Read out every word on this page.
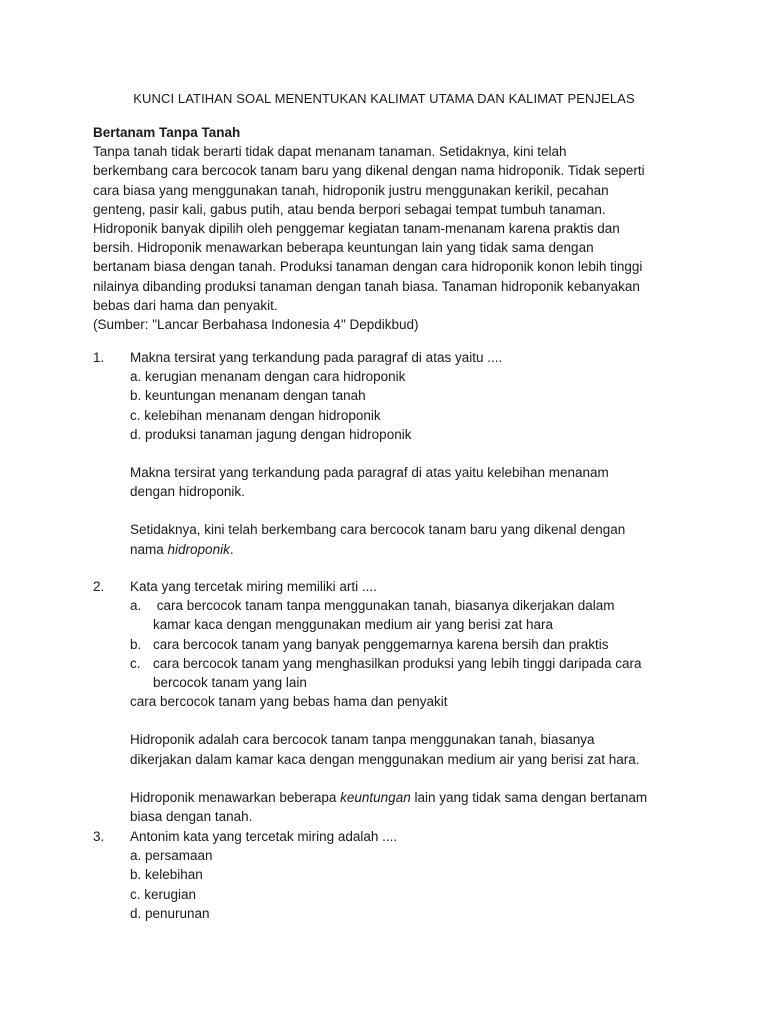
KUNCI LATIHAN SOAL MENENTUKAN KALIMAT UTAMA DAN KALIMAT PENJELAS

Bertanam Tanpa Tanah

Tanpa tanah tidak berarti tidak dapat menanam tanaman. Setidaknya, kini telah

berkembang cara bercocok tanam baru yang dikenal dengan nama hidroponik. Tidak seperti

cara biasa yang menggunakan tanah, hidroponik justru menggunakan kerikil, pecahan

genteng, pasir kali, gabus putih, atau benda berpori sebagai tempat tumbuh tanaman.

Hidroponik banyak dipilih oleh penggemar kegiatan tanam-menanam karena praktis dan

bersih. Hidroponik menawarkan beberapa keuntungan lain yang tidak sama dengan

bertanam biasa dengan tanah. Produksi tanaman dengan cara hidroponik konon lebih tinggi

nilainya dibanding produksi tanaman dengan tanah biasa. Tanaman hidroponik kebanyakan

bebas dari hama dan penyakit.

(Sumber: "Lancar Berbahasa Indonesia 4" Depdikbud)

1. Makna tersirat yang terkandung pada paragraf di atas yaitu ....
a. kerugian menanam dengan cara hidroponik
b. keuntungan menanam dengan tanah
c. kelebihan menanam dengan hidroponik
d. produksi tanaman jagung dengan hidroponik

Makna tersirat yang terkandung pada paragraf di atas yaitu kelebihan menanam

dengan hidroponik.

Setidaknya, kini telah berkembang cara bercocok tanam baru yang dikenal dengan

nama hidroponik.

2. Kata yang tercetak miring memiliki arti ....
a. cara bercocok tanam tanpa menggunakan tanah, biasanya dikerjakan dalam
kamar kaca dengan menggunakan medium air yang berisi zat hara
b. cara bercocok tanam yang banyak penggemarnya karena bersih dan praktis
c. cara bercocok tanam yang menghasilkan produksi yang lebih tinggi daripada cara
bercocok tanam yang lain
cara bercocok tanam yang bebas hama dan penyakit

Hidroponik adalah cara bercocok tanam tanpa menggunakan tanah, biasanya

dikerjakan dalam kamar kaca dengan menggunakan medium air yang berisi zat hara.

Hidroponik menawarkan beberapa keuntungan lain yang tidak sama dengan bertanam

biasa dengan tanah.

3. Antonim kata yang tercetak miring adalah ....
a. persamaan
b. kelebihan
c. kerugian
d. penurunan
